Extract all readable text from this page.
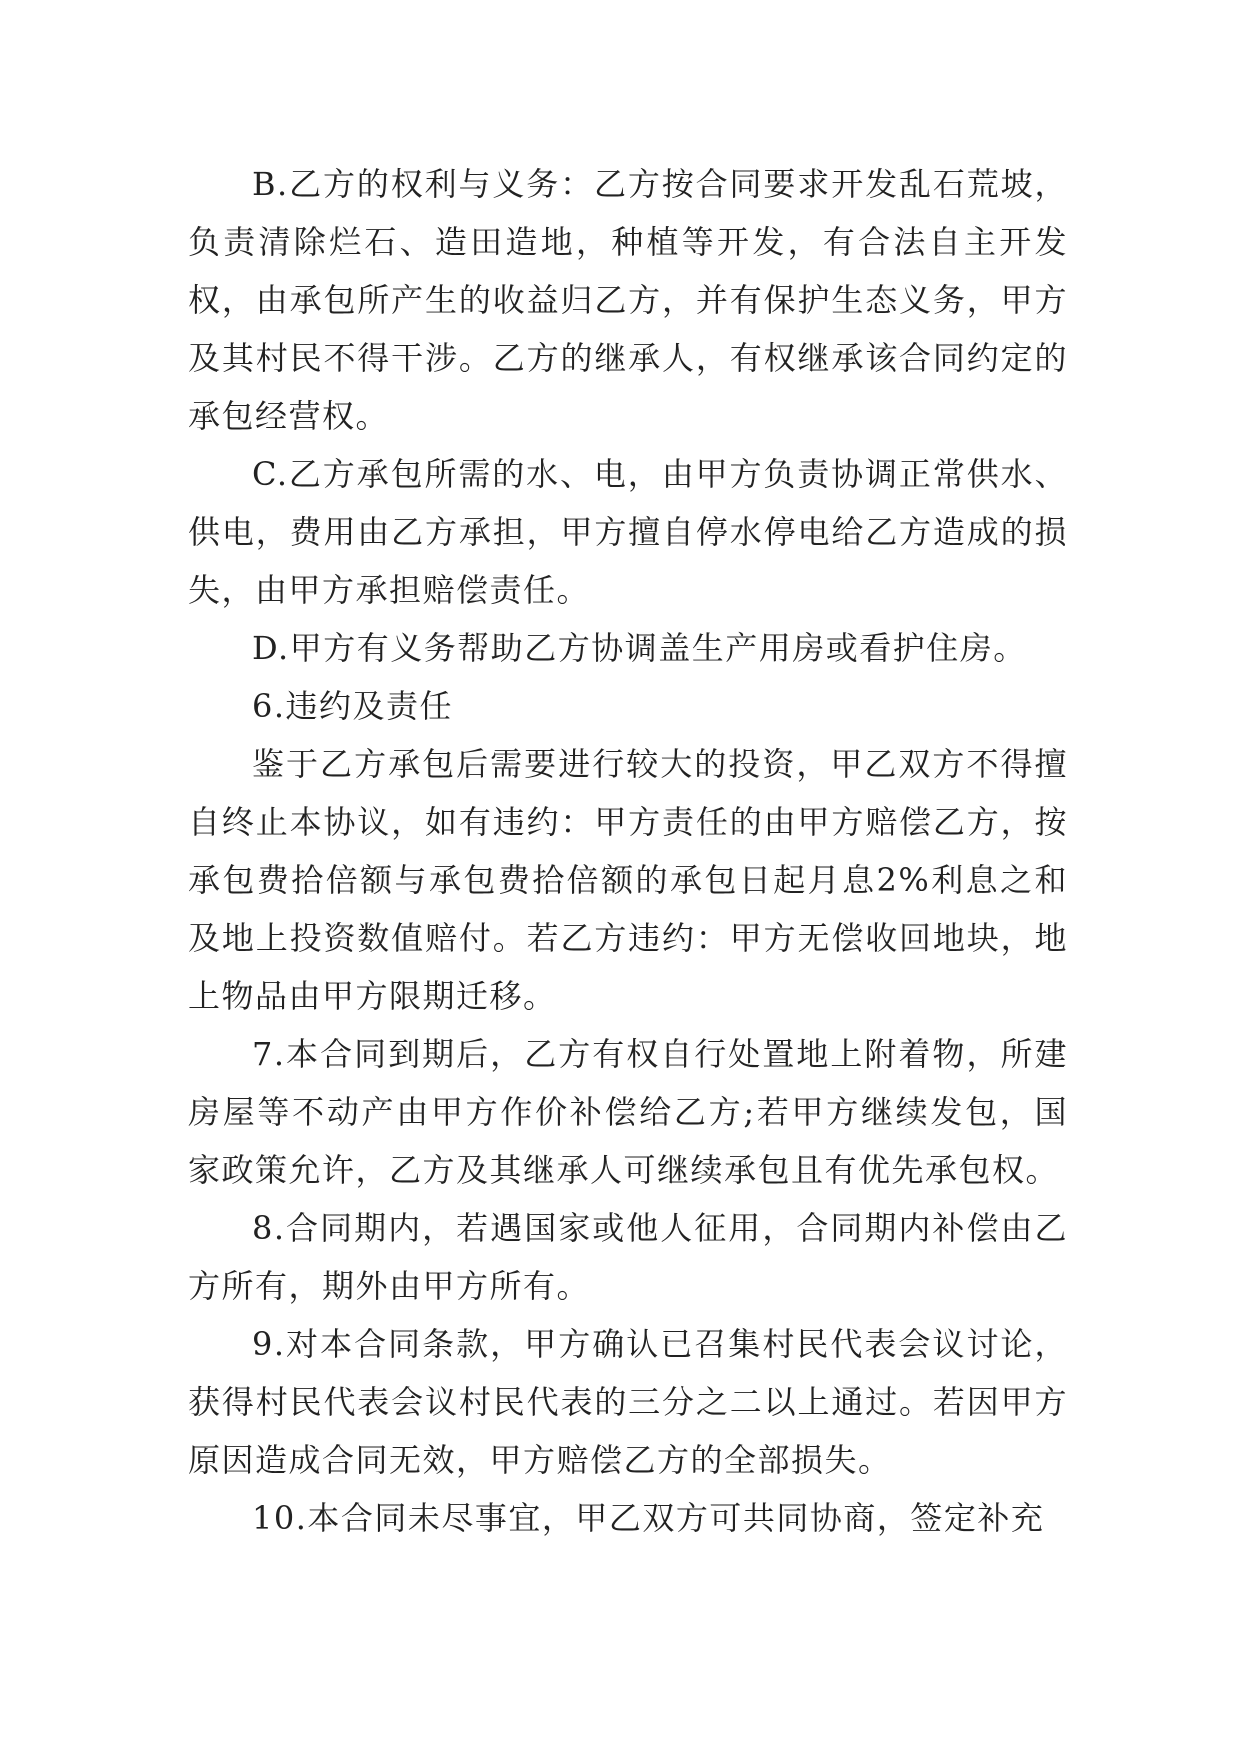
B.乙方的权利与义务：乙方按合同要求开发乱石荒坡，负责清除烂石、造田造地，种植等开发，有合法自主开发权，由承包所产生的收益归乙方，并有保护生态义务，甲方及其村民不得干涉。乙方的继承人，有权继承该合同约定的承包经营权。

C.乙方承包所需的水、电，由甲方负责协调正常供水、供电，费用由乙方承担，甲方擅自停水停电给乙方造成的损失，由甲方承担赔偿责任。

D.甲方有义务帮助乙方协调盖生产用房或看护住房。

6.违约及责任

鉴于乙方承包后需要进行较大的投资，甲乙双方不得擅自终止本协议，如有违约：甲方责任的由甲方赔偿乙方，按承包费拾倍额与承包费拾倍额的承包日起月息2%利息之和及地上投资数值赔付。若乙方违约：甲方无偿收回地块，地上物品由甲方限期迁移。

7.本合同到期后，乙方有权自行处置地上附着物，所建房屋等不动产由甲方作价补偿给乙方;若甲方继续发包，国家政策允许，乙方及其继承人可继续承包且有优先承包权。

8.合同期内，若遇国家或他人征用，合同期内补偿由乙方所有，期外由甲方所有。

9.对本合同条款，甲方确认已召集村民代表会议讨论，获得村民代表会议村民代表的三分之二以上通过。若因甲方原因造成合同无效，甲方赔偿乙方的全部损失。

10.本合同未尽事宜，甲乙双方可共同协商，签定补充
